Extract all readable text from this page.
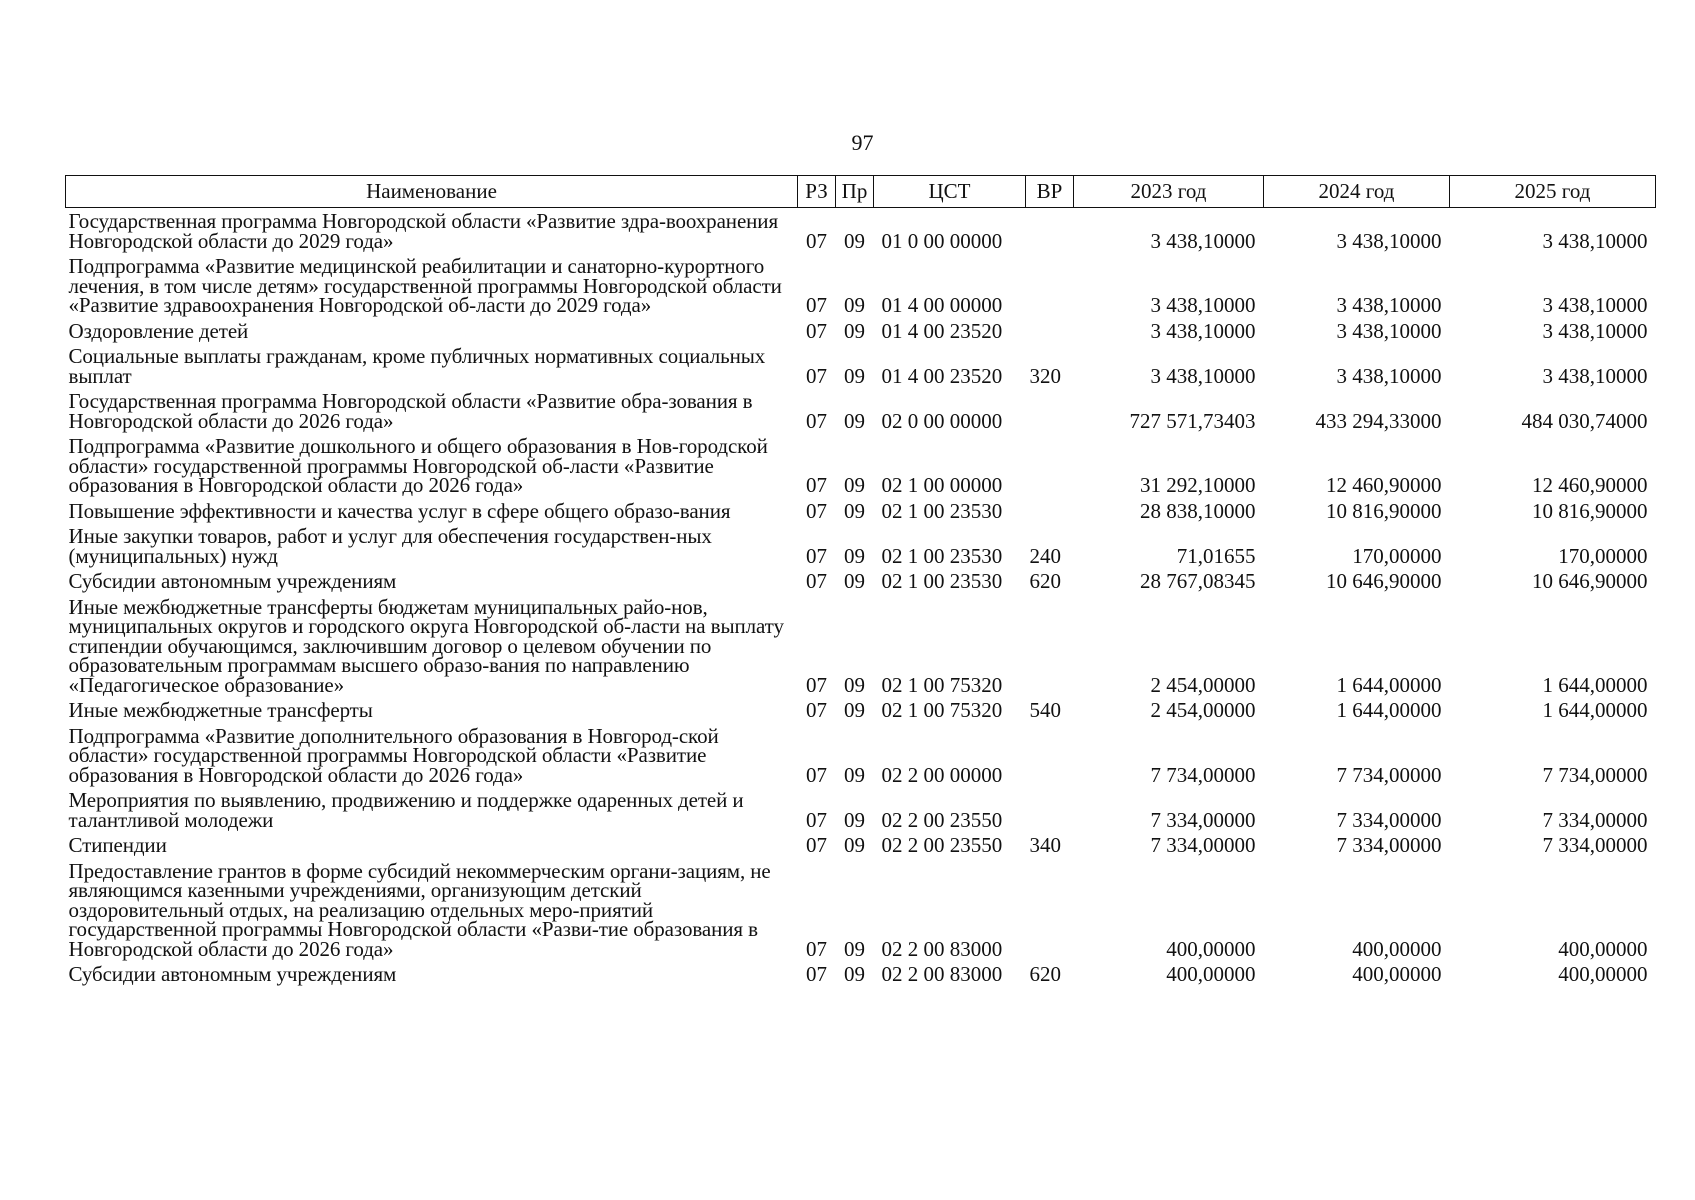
97
Наименование	РЗ	Пр	ЦСТ	ВР	2023 год	2024 год	2025 год

Государственная программа Новгородской области «Развитие здра-воохранения Новгородской области до 2029 года»	07	09	01 0 00 00000		3 438,10000	3 438,10000	3 438,10000

Подпрограмма «Развитие медицинской реабилитации и санаторно-курортного лечения, в том числе детям» государственной программы Новгородской области «Развитие здравоохранения Новгородской об-ласти до 2029 года»	07	09	01 4 00 00000		3 438,10000	3 438,10000	3 438,10000

Оздоровление детей	07	09	01 4 00 23520		3 438,10000	3 438,10000	3 438,10000

Социальные выплаты гражданам, кроме публичных нормативных социальных выплат	07	09	01 4 00 23520	320	3 438,10000	3 438,10000	3 438,10000

Государственная программа Новгородской области «Развитие обра-зования в Новгородской области до 2026 года»	07	09	02 0 00 00000		727 571,73403	433 294,33000	484 030,74000

Подпрограмма «Развитие дошкольного и общего образования в Нов-городской области» государственной программы Новгородской об-ласти «Развитие образования в Новгородской области до 2026 года»	07	09	02 1 00 00000		31 292,10000	12 460,90000	12 460,90000

Повышение эффективности и качества услуг в сфере общего образо-вания	07	09	02 1 00 23530		28 838,10000	10 816,90000	10 816,90000

Иные закупки товаров, работ и услуг для обеспечения государствен-ных (муниципальных) нужд	07	09	02 1 00 23530	240	71,01655	170,00000	170,00000

Субсидии автономным учреждениям	07	09	02 1 00 23530	620	28 767,08345	10 646,90000	10 646,90000

Иные межбюджетные трансферты бюджетам муниципальных райо-нов, муниципальных округов и городского округа Новгородской об-ласти на выплату стипендии обучающимся, заключившим договор о целевом обучении по образовательным программам высшего образо-вания по направлению «Педагогическое образование»	07	09	02 1 00 75320		2 454,00000	1 644,00000	1 644,00000

Иные межбюджетные трансферты	07	09	02 1 00 75320	540	2 454,00000	1 644,00000	1 644,00000

Подпрограмма «Развитие дополнительного образования в Новгород-ской области» государственной программы Новгородской области «Развитие образования в Новгородской области до 2026 года»	07	09	02 2 00 00000		7 734,00000	7 734,00000	7 734,00000

Мероприятия по выявлению, продвижению и поддержке одаренных детей и талантливой молодежи	07	09	02 2 00 23550		7 334,00000	7 334,00000	7 334,00000

Стипендии	07	09	02 2 00 23550	340	7 334,00000	7 334,00000	7 334,00000

Предоставление грантов в форме субсидий некоммерческим органи-зациям, не являющимся казенными учреждениями, организующим детский оздоровительный отдых, на реализацию отдельных меро-приятий государственной программы Новгородской области «Разви-тие образования в Новгородской области до 2026 года»	07	09	02 2 00 83000		400,00000	400,00000	400,00000

Субсидии автономным учреждениям	07	09	02 2 00 83000	620	400,00000	400,00000	400,00000
